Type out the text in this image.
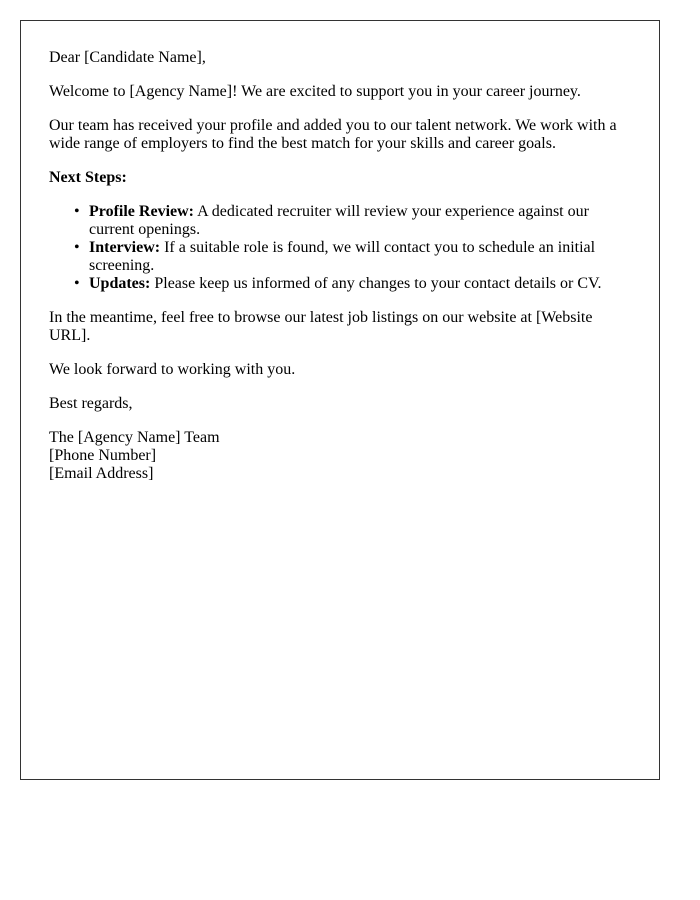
Dear [Candidate Name],

Welcome to [Agency Name]! We are excited to support you in your career journey.

Our team has received your profile and added you to our talent network. We work with a wide range of employers to find the best match for your skills and career goals.

Next Steps:

• Profile Review: A dedicated recruiter will review your experience against our current openings.
• Interview: If a suitable role is found, we will contact you to schedule an initial screening.
• Updates: Please keep us informed of any changes to your contact details or CV.

In the meantime, feel free to browse our latest job listings on our website at [Website URL].

We look forward to working with you.

Best regards,

The [Agency Name] Team

[Phone Number]

[Email Address]
